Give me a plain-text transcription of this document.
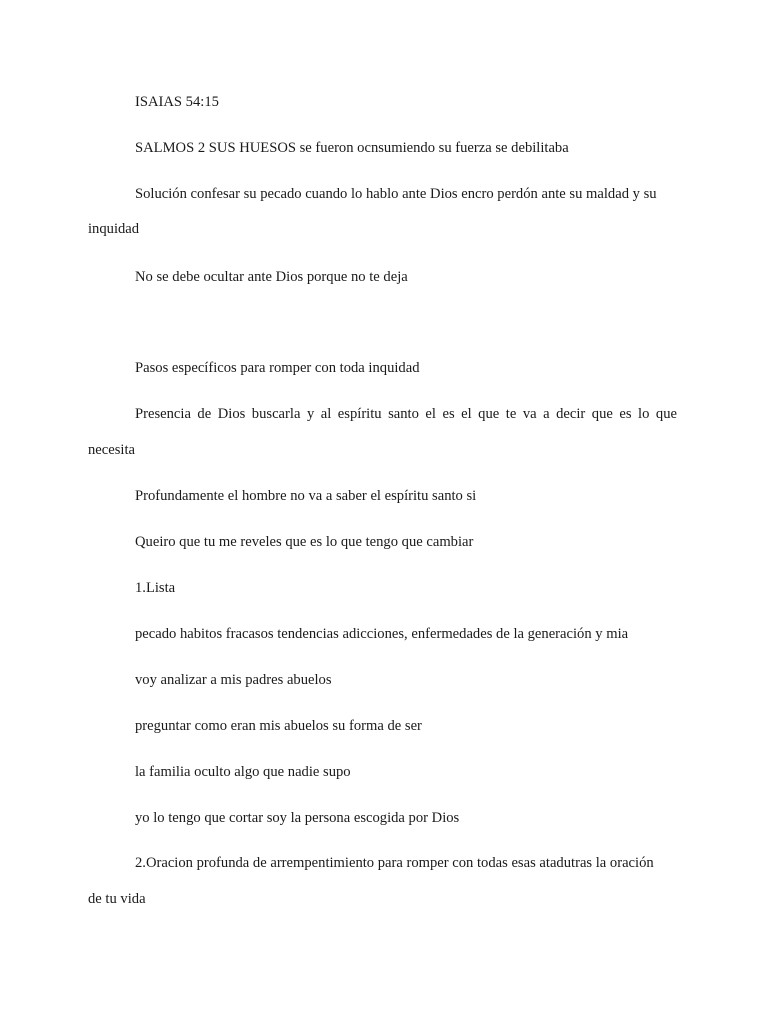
ISAIAS 54:15
SALMOS 2 SUS HUESOS se fueron ocnsumiendo su fuerza se debilitaba
Solución confesar su pecado cuando lo hablo ante Dios encro perdón ante su maldad y su
inquidad
No se debe ocultar ante Dios porque no te deja
Pasos específicos para romper con toda inquidad
Presencia de Dios buscarla y al espíritu santo el es el que te va a decir que es lo que
necesita
Profundamente el hombre no va a saber el espíritu santo si
Queiro que tu me reveles que es lo que tengo que cambiar
1.Lista
pecado habitos fracasos tendencias adicciones, enfermedades de la generación y mia
voy analizar a mis padres abuelos
preguntar como eran mis abuelos su forma de ser
la familia oculto algo que nadie supo
yo lo tengo que cortar soy la persona escogida por Dios
2.Oracion profunda de arrempentimiento para romper con todas esas atadutras la oración
de tu vida
